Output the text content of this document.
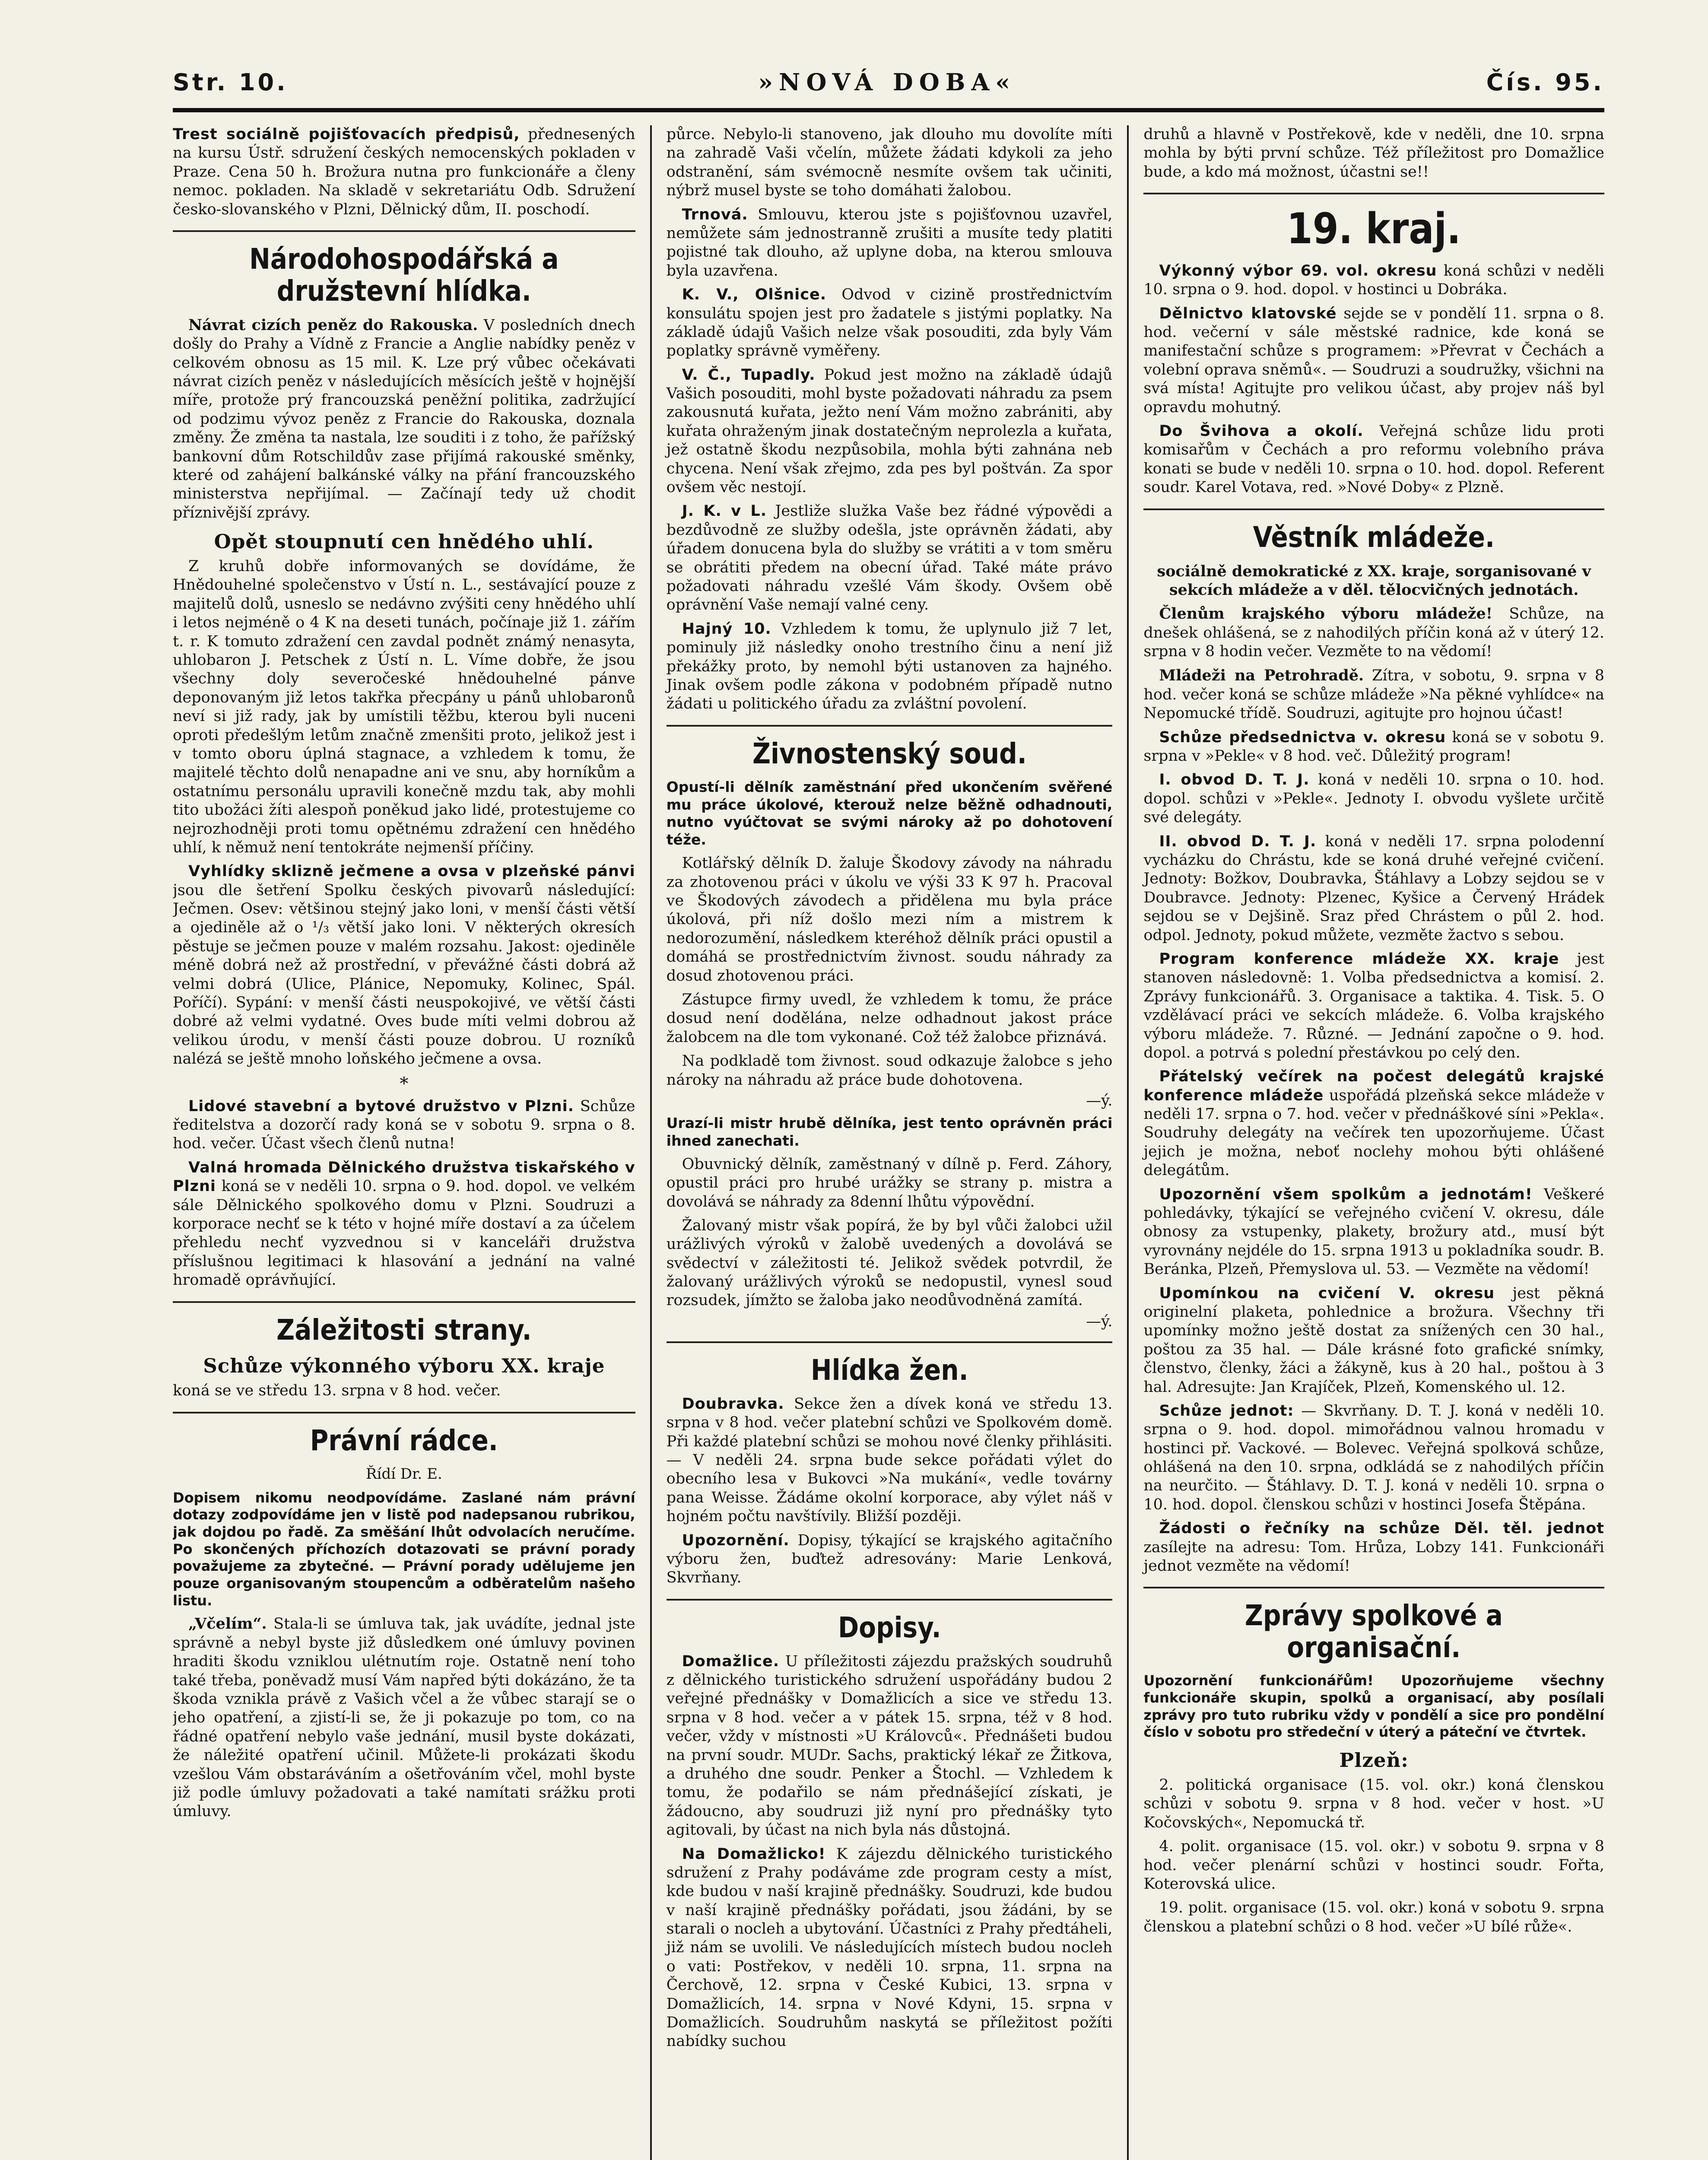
Str. 10.	»NOVÁ DOBA«	Čís. 95.

Trest sociálně pojišťovacích předpisů, přednesených na kursu Ústř. sdružení českých nemocenských pokladen v Praze. Cena 50 h. Brožura nutna pro funkcionáře a členy nemoc. pokladen. Na skladě v sekretariátu Odb. Sdružení česko-slovanského v Plzni, Dělnický dům, II. poschodí.

Národohospodářská a družstevní hlídka.

Návrat cizích peněz do Rakouska. V posledních dnech došly do Prahy a Vídně z Francie a Anglie nabídky peněz v celkovém obnosu as 15 mil. K. Lze prý vůbec očekávati návrat cizích peněz v následujících měsících ještě v hojnější míře, protože prý francouzská peněžní politika, zadržující od podzimu vývoz peněz z Francie do Rakouska, doznala změny. Že změna ta nastala, lze souditi i z toho, že pařížský bankovní dům Rotschildův zase přijímá rakouské směnky, které od zahájení balkánské války na přání francouzského ministerstva nepřijímal. — Začínají tedy už chodit příznivější zprávy.

Opět stoupnutí cen hnědého uhlí.

Z kruhů dobře informovaných se dovídáme, že Hnědouhelné společenstvo v Ústí n. L., sestávající pouze z majitelů dolů, usneslo se nedávno zvýšiti ceny hnědého uhlí i letos nejméně o 4 K na deseti tunách, počínaje již 1. zářím t. r. K tomuto zdražení cen zavdal podnět známý nenasyta, uhlobaron J. Petschek z Ústí n. L. Víme dobře, že jsou všechny doly severočeské hnědouhelné pánve deponovaným již letos takřka přecpány u pánů uhlobaronů neví si již rady, jak by umístili těžbu, kterou byli nuceni oproti předešlým letům značně zmenšiti proto, jelikož jest i v tomto oboru úplná stagnace, a vzhledem k tomu, že majitelé těchto dolů nenapadne ani ve snu, aby horníkům a ostatnímu personálu upravili konečně mzdu tak, aby mohli tito ubožáci žíti alespoň poněkud jako lidé, protestujeme co nejrozhodněji proti tomu opětnému zdražení cen hnědého uhlí, k němuž není tentokráte nejmenší příčiny.

Vyhlídky sklizně ječmene a ovsa v plzeňské pánvi jsou dle šetření Spolku českých pivovarů následující: Ječmen. Osev: většinou stejný jako loni, v menší části větší a ojediněle až o ¹/₃ větší jako loni. V některých okresích pěstuje se ječmen pouze v malém rozsahu. Jakost: ojediněle méně dobrá než až prostřední, v převážné části dobrá až velmi dobrá (Ulice, Plánice, Nepomuky, Kolinec, Spál. Poříčí). Sypání: v menší části neuspokojivé, ve větší části dobré až velmi vydatné. Oves bude míti velmi dobrou až velikou úrodu, v menší části pouze dobrou. U rozníků nalézá se ještě mnoho loňského ječmene a ovsa.

*

Lidové stavební a bytové družstvo v Plzni. Schůze ředitelstva a dozorčí rady koná se v sobotu 9. srpna o 8. hod. večer. Účast všech členů nutna!

Valná hromada Dělnického družstva tiskařského v Plzni koná se v neděli 10. srpna o 9. hod. dopol. ve velkém sále Dělnického spolkového domu v Plzni. Soudruzi a korporace nechť se k této v hojné míře dostaví a za účelem přehledu nechť vyzvednou si v kanceláři družstva příslušnou legitimaci k hlasování a jednání na valné hromadě oprávňující.

Záležitosti strany.
Schůze výkonného výboru XX. kraje

koná se ve středu 13. srpna v 8 hod. večer.

Právní rádce.
Řídí Dr. E.

Dopisem nikomu neodpovídáme. Zaslané nám právní dotazy zodpovídáme jen v listě pod nadepsanou rubrikou, jak dojdou po řadě. Za směšání lhůt odvolacích neručíme. Po skončených příchozích dotazovati se právní porady považujeme za zbytečné. — Právní porady udělujeme jen pouze organisovaným stoupencům a odběratelům našeho listu.

„Včelím“. Stala-li se úmluva tak, jak uvádíte, jednal jste správně a nebyl byste již důsledkem oné úmluvy povinen hraditi škodu vzniklou ulétnutím roje. Ostatně není toho také třeba, poněvadž musí Vám napřed býti dokázáno, že ta škoda vznikla právě z Vašich včel a že vůbec starají se o jeho opatření, a zjistí-li se, že ji pokazuje po tom, co na řádné opatření nebylo vaše jednání, musil byste dokázati, že náležité opatření učinil. Můžete-li prokázati škodu vzešlou Vám obstaráváním a ošetřováním včel, mohl byste již podle úmluvy požadovati a také namítati srážku proti úmluvy.

půrce. Nebylo-li stanoveno, jak dlouho mu dovolíte míti na zahradě Vaši včelín, můžete žádati kdykoli za jeho odstranění, sám svémocně nesmíte ovšem tak učiniti, nýbrž musel byste se toho domáhati žalobou.

Trnová. Smlouvu, kterou jste s pojišťovnou uzavřel, nemůžete sám jednostranně zrušiti a musíte tedy platiti pojistné tak dlouho, až uplyne doba, na kterou smlouva byla uzavřena.

K. V., Olšnice. Odvod v cizině prostřednictvím konsulátu spojen jest pro žadatele s jistými poplatky. Na základě údajů Vašich nelze však posouditi, zda byly Vám poplatky správně vyměřeny.

V. Č., Tupadly. Pokud jest možno na základě údajů Vašich posouditi, mohl byste požadovati náhradu za psem zakousnutá kuřata, ježto není Vám možno zabrániti, aby kuřata ohraženým jinak dostatečným neprolezla a kuřata, jež ostatně škodu nezpůsobila, mohla býti zahnána neb chycena. Není však zřejmo, zda pes byl poštván. Za spor ovšem věc nestojí.

J. K. v L. Jestliže služka Vaše bez řádné výpovědi a bezdůvodně ze služby odešla, jste oprávněn žádati, aby úřadem donucena byla do služby se vrátiti a v tom směru se obrátiti předem na obecní úřad. Také máte právo požadovati náhradu vzešlé Vám škody. Ovšem obě oprávnění Vaše nemají valné ceny.

Hajný 10. Vzhledem k tomu, že uplynulo již 7 let, pominuly již následky onoho trestního činu a není již překážky proto, by nemohl býti ustanoven za hajného. Jinak ovšem podle zákona v podobném případě nutno žádati u politického úřadu za zvláštní povolení.

Živnostenský soud.

Opustí-li dělník zaměstnání před ukončením svěřené mu práce úkolové, kterouž nelze běžně odhadnouti, nutno vyúčtovat se svými nároky až po dohotovení téže.

Kotlářský dělník D. žaluje Škodovy závody na náhradu za zhotovenou práci v úkolu ve výši 33 K 97 h. Pracoval ve Škodových závodech a přidělena mu byla práce úkolová, při níž došlo mezi ním a mistrem k nedorozumění, následkem kteréhož dělník práci opustil a domáhá se prostřednictvím živnost. soudu náhrady za dosud zhotovenou práci.

Zástupce firmy uvedl, že vzhledem k tomu, že práce dosud není dodělána, nelze odhadnout jakost práce žalobcem na dle tom vykonané. Což též žalobce přiznává.

Na podkladě tom živnost. soud odkazuje žalobce s jeho nároky na náhradu až práce bude dohotovena.

—ý.

Urazí-li mistr hrubě dělníka, jest tento oprávněn práci ihned zanechati.

Obuvnický dělník, zaměstnaný v dílně p. Ferd. Záhory, opustil práci pro hrubé urážky se strany p. mistra a dovolává se náhrady za 8denní lhůtu výpovědní.

Žalovaný mistr však popírá, že by byl vůči žalobci užil urážlivých výroků v žalobě uvedených a dovolává se svědectví v záležitosti té. Jelikož svědek potvrdil, že žalovaný urážlivých výroků se nedopustil, vynesl soud rozsudek, jímžto se žaloba jako neodůvodněná zamítá.

—ý.
Hlídka žen.

Doubravka. Sekce žen a dívek koná ve středu 13. srpna v 8 hod. večer platební schůzi ve Spolkovém domě. Při každé platební schůzi se mohou nové členky přihlásiti. — V neděli 24. srpna bude sekce pořádati výlet do obecního lesa v Bukovci »Na mukání«, vedle továrny pana Weisse. Žádáme okolní korporace, aby výlet náš v hojném počtu navštívily. Bližší později.

Upozornění. Dopisy, týkající se krajského agitačního výboru žen, buďtež adresovány: Marie Lenková, Skvrňany.

Dopisy.

Domažlice. U příležitosti zájezdu pražských soudruhů z dělnického turistického sdružení uspořádány budou 2 veřejné přednášky v Domažlicích a sice ve středu 13. srpna v 8 hod. večer a v pátek 15. srpna, též v 8 hod. večer, vždy v místnosti »U Královců«. Přednášeti budou na první soudr. MUDr. Sachs, praktický lékař ze Žitkova, a druhého dne soudr. Penker a Štochl. — Vzhledem k tomu, že podařilo se nám přednášející získati, je žádoucno, aby soudruzi již nyní pro přednášky tyto agitovali, by účast na nich byla nás důstojná.

Na Domažlicko! K zájezdu dělnického turistického sdružení z Prahy podáváme zde program cesty a míst, kde budou v naší krajině přednášky. Soudruzi, kde budou v naší krajině přednášky pořádati, jsou žádáni, by se starali o nocleh a ubytování. Účastníci z Prahy předtáheli, již nám se uvolili. Ve následujících místech budou nocleh o vati: Postřekov, v neděli 10. srpna, 11. srpna na Čerchově, 12. srpna v České Kubici, 13. srpna v Domažlicích, 14. srpna v Nové Kdyni, 15. srpna v Domažlicích. Soudruhům naskytá se příležitost požíti nabídky suchou

druhů a hlavně v Postřekově, kde v neděli, dne 10. srpna mohla by býti první schůze. Též příležitost pro Domažlice bude, a kdo má možnost, účastni se!!

19. kraj.

Výkonný výbor 69. vol. okresu koná schůzi v neděli 10. srpna o 9. hod. dopol. v hostinci u Dobráka.

Dělnictvo klatovské sejde se v pondělí 11. srpna o 8. hod. večerní v sále městské radnice, kde koná se manifestační schůze s programem: »Převrat v Čechách a volební oprava sněmů«. — Soudruzi a soudružky, všichni na svá místa! Agitujte pro velikou účast, aby projev náš byl opravdu mohutný.

Do Švihova a okolí. Veřejná schůze lidu proti komisařům v Čechách a pro reformu volebního práva konati se bude v neděli 10. srpna o 10. hod. dopol. Referent soudr. Karel Votava, red. »Nové Doby« z Plzně.

Věstník mládeže.

sociálně demokratické z XX. kraje, sorganisované v sekcích mládeže a v děl. tělocvičných jednotách.

Členům krajského výboru mládeže! Schůze, na dnešek ohlášená, se z nahodilých příčin koná až v úterý 12. srpna v 8 hodin večer. Vezměte to na vědomí!

Mládeži na Petrohradě. Zítra, v sobotu, 9. srpna v 8 hod. večer koná se schůze mládeže »Na pěkné vyhlídce« na Nepomucké třídě. Soudruzi, agitujte pro hojnou účast!

Schůze předsednictva v. okresu koná se v sobotu 9. srpna v »Pekle« v 8 hod. več. Důležitý program!

I. obvod D. T. J. koná v neděli 10. srpna o 10. hod. dopol. schůzi v »Pekle«. Jednoty I. obvodu vyšlete určitě své delegáty.

II. obvod D. T. J. koná v neděli 17. srpna polodenní vycházku do Chrástu, kde se koná druhé veřejné cvičení. Jednoty: Božkov, Doubravka, Štáhlavy a Lobzy sejdou se v Doubravce. Jednoty: Plzenec, Kyšice a Červený Hrádek sejdou se v Dejšině. Sraz před Chrástem o půl 2. hod. odpol. Jednoty, pokud můžete, vezměte žactvo s sebou.

Program konference mládeže XX. kraje jest stanoven následovně: 1. Volba předsednictva a komisí. 2. Zprávy funkcionářů. 3. Organisace a taktika. 4. Tisk. 5. O vzdělávací práci ve sekcích mládeže. 6. Volba krajského výboru mládeže. 7. Různé. — Jednání započne o 9. hod. dopol. a potrvá s polední přestávkou po celý den.

Přátelský večírek na počest delegátů krajské konference mládeže uspořádá plzeňská sekce mládeže v neděli 17. srpna o 7. hod. večer v přednáškové síni »Pekla«. Soudruhy delegáty na večírek ten upozorňujeme. Účast jejich je možna, neboť noclehy mohou býti ohlášené delegátům.

Upozornění všem spolkům a jednotám! Veškeré pohledávky, týkající se veřejného cvičení V. okresu, dále obnosy za vstupenky, plakety, brožury atd., musí být vyrovnány nejdéle do 15. srpna 1913 u pokladníka soudr. B. Beránka, Plzeň, Přemyslova ul. 53. — Vezměte na vědomí!

Upomínkou na cvičení V. okresu jest pěkná originelní plaketa, pohlednice a brožura. Všechny tři upomínky možno ještě dostat za snížených cen 30 hal., poštou za 35 hal. — Dále krásné foto grafické snímky, členstvo, členky, žáci a žákyně, kus à 20 hal., poštou à 3 hal. Adresujte: Jan Krajíček, Plzeň, Komenského ul. 12.

Schůze jednot: — Skvrňany. D. T. J. koná v neděli 10. srpna o 9. hod. dopol. mimořádnou valnou hromadu v hostinci př. Vackové. — Bolevec. Veřejná spolková schůze, ohlášená na den 10. srpna, odkládá se z nahodilých příčin na neurčito. — Štáhlavy. D. T. J. koná v neděli 10. srpna o 10. hod. dopol. členskou schůzi v hostinci Josefa Štěpána.

Žádosti o řečníky na schůze Děl. těl. jednot zasílejte na adresu: Tom. Hrůza, Lobzy 141. Funkcionáři jednot vezměte na vědomí!

Zprávy spolkové a organisační.

Upozornění funkcionářům! Upozorňujeme všechny funkcionáře skupin, spolků a organisací, aby posílali zprávy pro tuto rubriku vždy v pondělí a sice pro pondělní číslo v sobotu pro středeční v úterý a páteční ve čtvrtek.

Plzeň:

2. politická organisace (15. vol. okr.) koná členskou schůzi v sobotu 9. srpna v 8 hod. večer v host. »U Kočovských«, Nepomucká tř.

4. polit. organisace (15. vol. okr.) v sobotu 9. srpna v 8 hod. večer plenární schůzi v hostinci soudr. Fořta, Koterovská ulice.

19. polit. organisace (15. vol. okr.) koná v sobotu 9. srpna členskou a platební schůzi o 8 hod. večer »U bílé růže«.
